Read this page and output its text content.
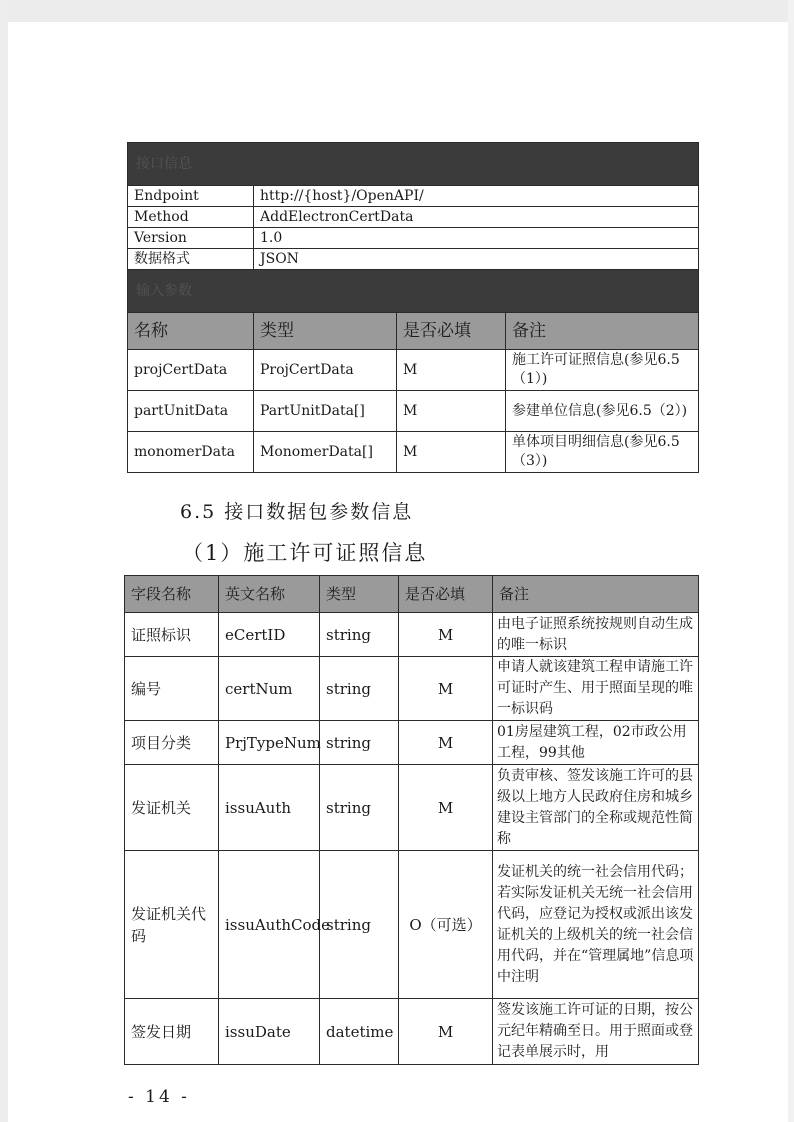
接口信息			
Endpoint	http://{host}/OpenAPI/		
Method	AddElectronCertData		
Version	1.0		
数据格式	JSON		
输入参数			
名称	类型	是否必填	备注
projCertData	ProjCertData	M	施工许可证照信息(参见6.5（1）)
partUnitData	PartUnitData[]	M	参建单位信息(参见6.5（2）)
monomerData	MonomerData[]	M	单体项目明细信息(参见6.5（3）)
6.5 接口数据包参数信息
（1）施工许可证照信息
字段名称	英文名称	类型	是否必填	备注
证照标识	eCertID	string	M	由电子证照系统按规则自动生成的唯一标识
编号	certNum	string	M	申请人就该建筑工程申请施工许可证时产生、用于照面呈现的唯一标识码
项目分类	PrjTypeNum	string	M	01房屋建筑工程，02市政公用工程，99其他
发证机关	issuAuth	string	M	负责审核、签发该施工许可的县级以上地方人民政府住房和城乡建设主管部门的全称或规范性简称
发证机关代码	issuAuthCode	string	O（可选）	发证机关的统一社会信用代码；若实际发证机关无统一社会信用代码，应登记为授权或派出该发证机关的上级机关的统一社会信用代码，并在“管理属地”信息项中注明
签发日期	issuDate	datetime	M	签发该施工许可证的日期，按公元纪年精确至日。用于照面或登记表单展示时，用
- 14 -
